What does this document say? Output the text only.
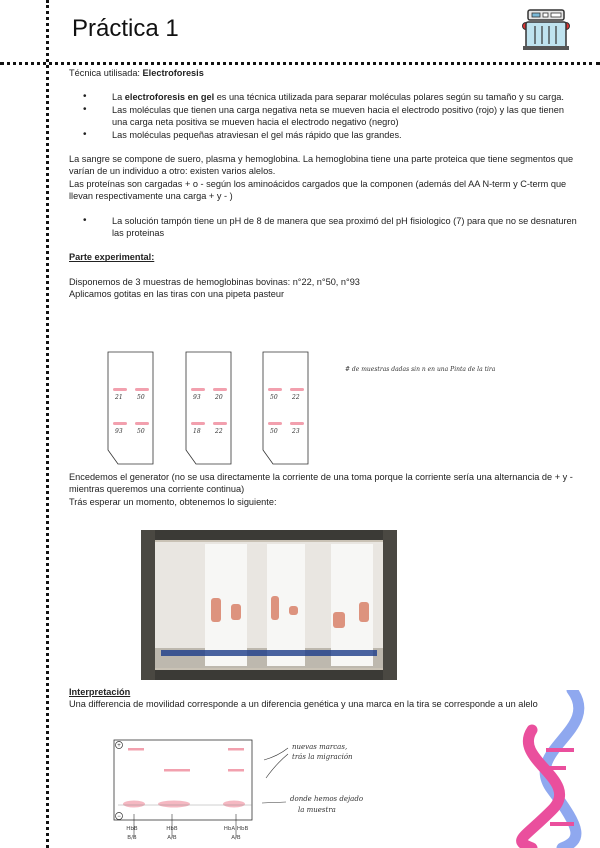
Práctica 1

Técnica utilisada: Electroforesis

• La electroforesis en gel es una técnica utilizada para separar moléculas polares según su tamaño y su carga.
• Las moléculas que tienen una carga negativa neta se mueven hacia el electrodo positivo (rojo) y las que tienen una carga neta positiva se mueven hacia el electrodo negativo (negro)
• Las moléculas pequeñas atraviesan el gel más rápido que las grandes.

La sangre se compone de suero, plasma y hemoglobina. La hemoglobina tiene una parte proteica que tiene segmentos que varían de un individuo a otro: existen varios alelos.

Las proteínas son cargadas + o - según los aminoácidos cargados que la componen (además del AA N-term y C-term que llevan respectivamente una carga + y - )

• La solución tampón tiene un pH de 8 de manera que sea proximó del pH fisiologico (7) para que no se desnaturen las proteinas

Parte experimental:

Disponemos de 3 muestras de hemoglobinas bovinas: n°22, n°50, n°93

Aplicamos gotitas en las tiras con una pipeta pasteur

21 50
93 50
93 20
18 22
50 22
50 23
# de muestras dadas sin n en una Pinta de la tira

Encedemos el generator (no se usa directamente la corriente de una toma porque la corriente sería una alternancia de + y - mientras queremos una corriente continua)

Trás esperar un momento, obtenemos lo siguiente:

Interpretación

Una differencia de movilidad corresponde a un diferencia genética y una marca en la tira se corresponde a un alelo

+
−
nuevas marcas,
trás la migración
donde hemos dejado
la muestra
HbB
B/B
HbB
A/B
HbA HbB
A/B
